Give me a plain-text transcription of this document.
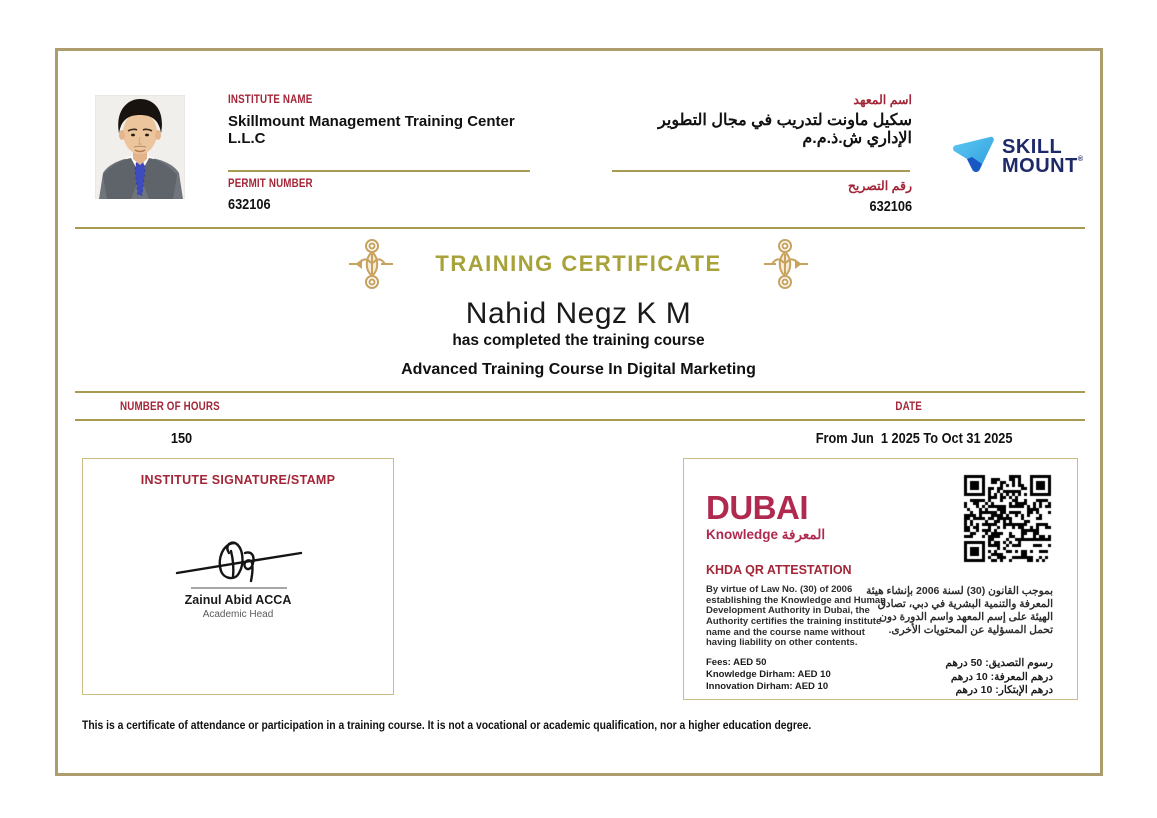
INSTITUTE NAME
Skillmount Management Training Center L.L.C
PERMIT NUMBER
632106
اسم المعهد
سكيل ماونت لتدريب في مجال التطوير الإداري ش.ذ.م.م
رقم التصريح
632106
SKILL
MOUNT®
TRAINING CERTIFICATE
Nahid Negz K M
has completed the training course
Advanced Training Course In Digital Marketing
NUMBER OF HOURS	DATE
150	From Jun  1 2025 To Oct 31 2025
INSTITUTE SIGNATURE/STAMP
Zainul Abid ACCA
Academic Head
DUBAI
Knowledge المعرفة
KHDA QR ATTESTATION
By virtue of Law No. (30) of 2006 establishing the Knowledge and Human Development Authority in Dubai, the Authority certifies the training institute name and the course name without having liability on other contents.
Fees: AED 50
Knowledge Dirham: AED 10
Innovation Dirham: AED 10
بموجب القانون (30) لسنة 2006 بإنشاء هيئة المعرفة والتنمية البشرية في دبي، تصادق الهيئة على إسم المعهد واسم الدورة دون تحمل المسؤلية عن المحتويات الأخرى.
رسوم التصديق: 50 درهم
درهم المعرفة: 10 درهم
درهم الإبتكار: 10 درهم
This is a certificate of attendance or participation in a training course. It is not a vocational or academic qualification, nor a higher education degree.
